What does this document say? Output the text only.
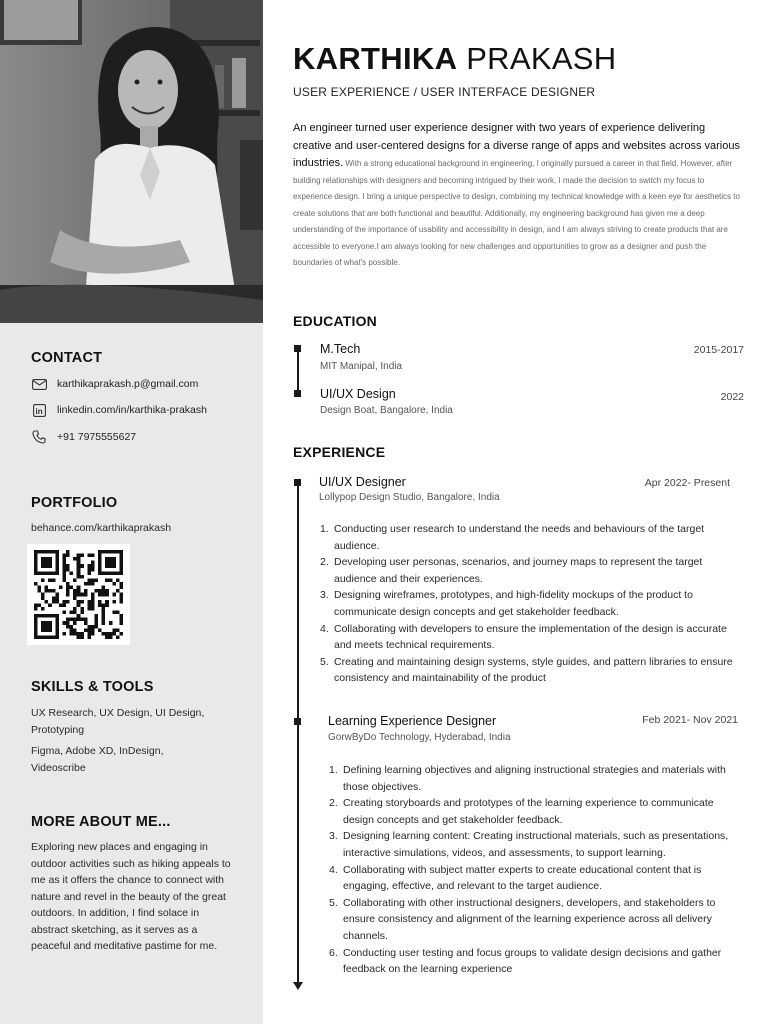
CONTACT
karthikaprakash.p@gmail.com
in linkedin.com/in/karthika-prakash
+91 7975555627
PORTFOLIO
behance.com/karthikaprakash
SKILLS & TOOLS
UX Research, UX Design, UI Design, Prototyping
Figma, Adobe XD, InDesign, Videoscribe
MORE ABOUT ME...
Exploring new places and engaging in outdoor activities such as hiking appeals to me as it offers the chance to connect with nature and revel in the beauty of the great outdoors. In addition, I find solace in abstract sketching, as it serves as a peaceful and meditative pastime for me.
KARTHIKA PRAKASH
USER EXPERIENCE / USER INTERFACE DESIGNER
An engineer turned user experience designer with two years of experience delivering creative and user-centered designs for a diverse range of apps and websites across various industries. With a strong educational background in engineering, I originally pursued a career in that field. However, after building relationships with designers and becoming intrigued by their work, I made the decision to switch my focus to experience design. I bring a unique perspective to design, combining my technical knowledge with a keen eye for aesthetics to create solutions that are both functional and beautiful. Additionally, my engineering background has given me a deep understanding of the importance of usability and accessibility in design, and I am always striving to create products that are accessible to everyone.I am always looking for new challenges and opportunities to grow as a designer and push the boundaries of what's possible.
EDUCATION
M.Tech
MIT Manipal, India
2015-2017
UI/UX Design
Design Boat, Bangalore, India
2022
EXPERIENCE
UI/UX Designer
Lollypop Design Studio, Bangalore, India
Apr 2022- Present
Conducting user research to understand the needs and behaviours of the target audience.
Developing user personas, scenarios, and journey maps to represent the target audience and their experiences.
Designing wireframes, prototypes, and high-fidelity mockups of the product to communicate design concepts and get stakeholder feedback.
Collaborating with developers to ensure the implementation of the design is accurate and meets technical requirements.
Creating and maintaining design systems, style guides, and pattern libraries to ensure consistency and maintainability of the product
Learning Experience Designer
GorwByDo Technology, Hyderabad, India
Feb 2021- Nov 2021
Defining learning objectives and aligning instructional strategies and materials with those objectives.
Creating storyboards and prototypes of the learning experience to communicate design concepts and get stakeholder feedback.
Designing learning content: Creating instructional materials, such as presentations, interactive simulations, videos, and assessments, to support learning.
Collaborating with subject matter experts to create educational content that is engaging, effective, and relevant to the target audience.
Collaborating with other instructional designers, developers, and stakeholders to ensure consistency and alignment of the learning experience across all delivery channels.
Conducting user testing and focus groups to validate design decisions and gather feedback on the learning experience
